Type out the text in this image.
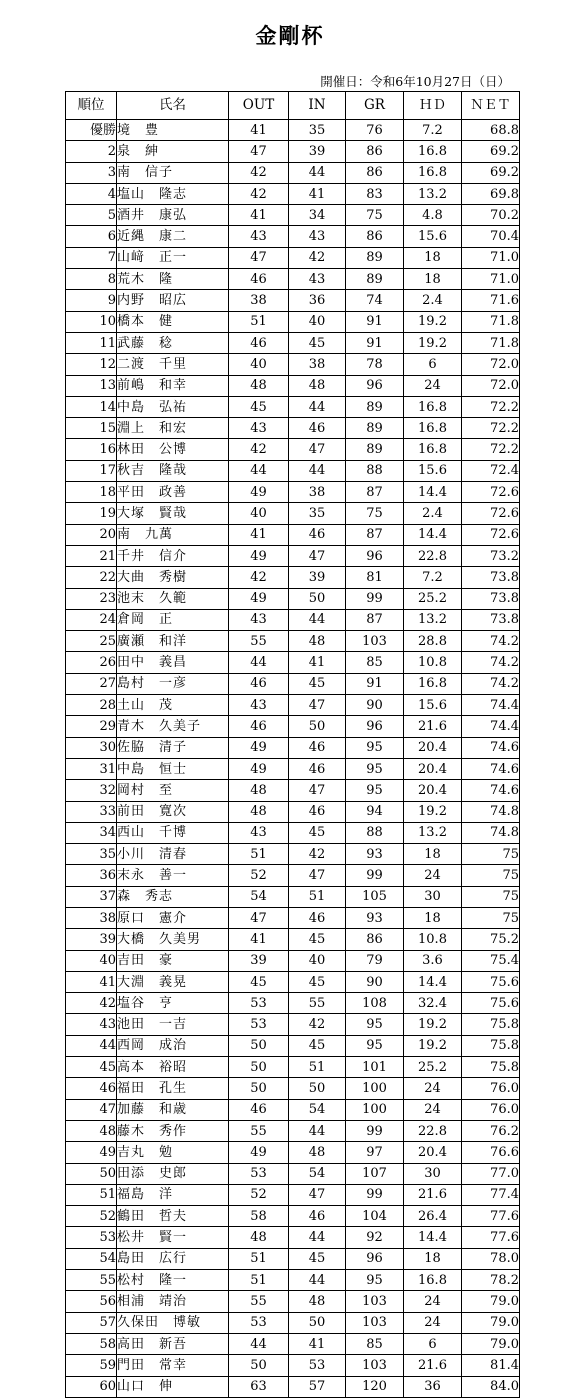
金剛杯
開催日：令和6年10月27日（日）
順位	氏名	OUT	IN	GR	ＨＤ	ＮＥＴ
優勝	境　豊	41	35	76	7.2	68.8
2	泉　紳	47	39	86	16.8	69.2
3	南　信子	42	44	86	16.8	69.2
4	塩山　隆志	42	41	83	13.2	69.8
5	酒井　康弘	41	34	75	4.8	70.2
6	近縄　康二	43	43	86	15.6	70.4
7	山﨑　正一	47	42	89	18	71.0
8	荒木　隆	46	43	89	18	71.0
9	内野　昭広	38	36	74	2.4	71.6
10	橋本　健	51	40	91	19.2	71.8
11	武藤　稔	46	45	91	19.2	71.8
12	二渡　千里	40	38	78	6	72.0
13	前嶋　和幸	48	48	96	24	72.0
14	中島　弘祐	45	44	89	16.8	72.2
15	淵上　和宏	43	46	89	16.8	72.2
16	林田　公博	42	47	89	16.8	72.2
17	秋吉　隆哉	44	44	88	15.6	72.4
18	平田　政善	49	38	87	14.4	72.6
19	大塚　賢哉	40	35	75	2.4	72.6
20	南　九萬	41	46	87	14.4	72.6
21	千井　信介	49	47	96	22.8	73.2
22	大曲　秀樹	42	39	81	7.2	73.8
23	池末　久範	49	50	99	25.2	73.8
24	倉岡　正	43	44	87	13.2	73.8
25	廣瀬　和洋	55	48	103	28.8	74.2
26	田中　義昌	44	41	85	10.8	74.2
27	島村　一彦	46	45	91	16.8	74.2
28	土山　茂	43	47	90	15.6	74.4
29	青木　久美子	46	50	96	21.6	74.4
30	佐脇　清子	49	46	95	20.4	74.6
31	中島　恒士	49	46	95	20.4	74.6
32	岡村　至	48	47	95	20.4	74.6
33	前田　寛次	48	46	94	19.2	74.8
34	西山　千博	43	45	88	13.2	74.8
35	小川　清春	51	42	93	18	75
36	末永　善一	52	47	99	24	75
37	森　秀志	54	51	105	30	75
38	原口　憲介	47	46	93	18	75
39	大橋　久美男	41	45	86	10.8	75.2
40	吉田　豪	39	40	79	3.6	75.4
41	大淵　義晃	45	45	90	14.4	75.6
42	塩谷　亨	53	55	108	32.4	75.6
43	池田　一吉	53	42	95	19.2	75.8
44	西岡　成治	50	45	95	19.2	75.8
45	高本　裕昭	50	51	101	25.2	75.8
46	福田　孔生	50	50	100	24	76.0
47	加藤　和歳	46	54	100	24	76.0
48	藤木　秀作	55	44	99	22.8	76.2
49	吉丸　勉	49	48	97	20.4	76.6
50	田添　史郎	53	54	107	30	77.0
51	福島　洋	52	47	99	21.6	77.4
52	鶴田　哲夫	58	46	104	26.4	77.6
53	松井　賢一	48	44	92	14.4	77.6
54	島田　広行	51	45	96	18	78.0
55	松村　隆一	51	44	95	16.8	78.2
56	相浦　靖治	55	48	103	24	79.0
57	久保田　博敏	53	50	103	24	79.0
58	高田　新吾	44	41	85	6	79.0
59	門田　常幸	50	53	103	21.6	81.4
60	山口　伸	63	57	120	36	84.0
